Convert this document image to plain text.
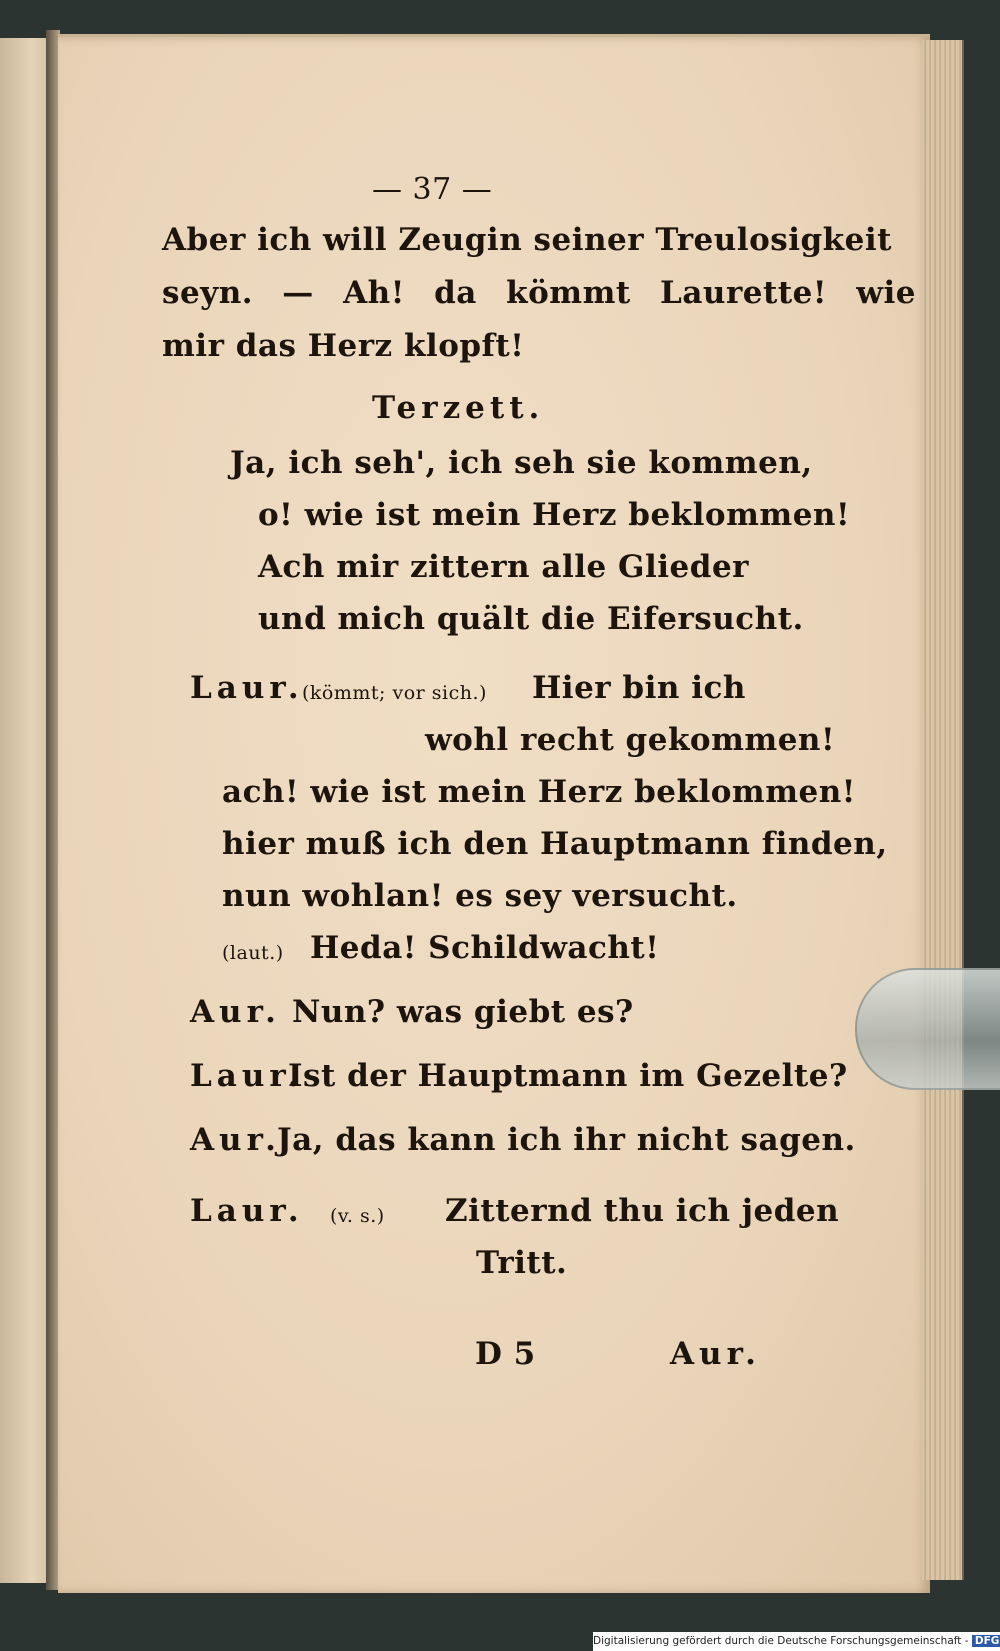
— 37 —
Aber ich will Zeugin seiner Treulosigkeit
seyn. — Ah! da kömmt Laurette! wie
mir das Herz klopft!
Terzett.
Ja, ich seh', ich seh sie kommen,
o! wie ist mein Herz beklommen!
Ach mir zittern alle Glieder
und mich quält die Eifersucht.
Laur.
(kömmt; vor sich.) Hier bin ich
wohl recht gekommen!
ach! wie ist mein Herz beklommen!
hier muß ich den Hauptmann finden,
nun wohlan! es sey versucht.
(laut.) Heda! Schildwacht!
Aur. Nun? was giebt es?
Laur.
Ist der Hauptmann im Gezelte?
Aur.
Ja, das kann ich ihr nicht sagen.
Laur. (v. s.) Zitternd thu ich jeden
Tritt.
D 5	Aur.
Digitalisierung gefördert durch die Deutsche Forschungsgemeinschaft - DFG
